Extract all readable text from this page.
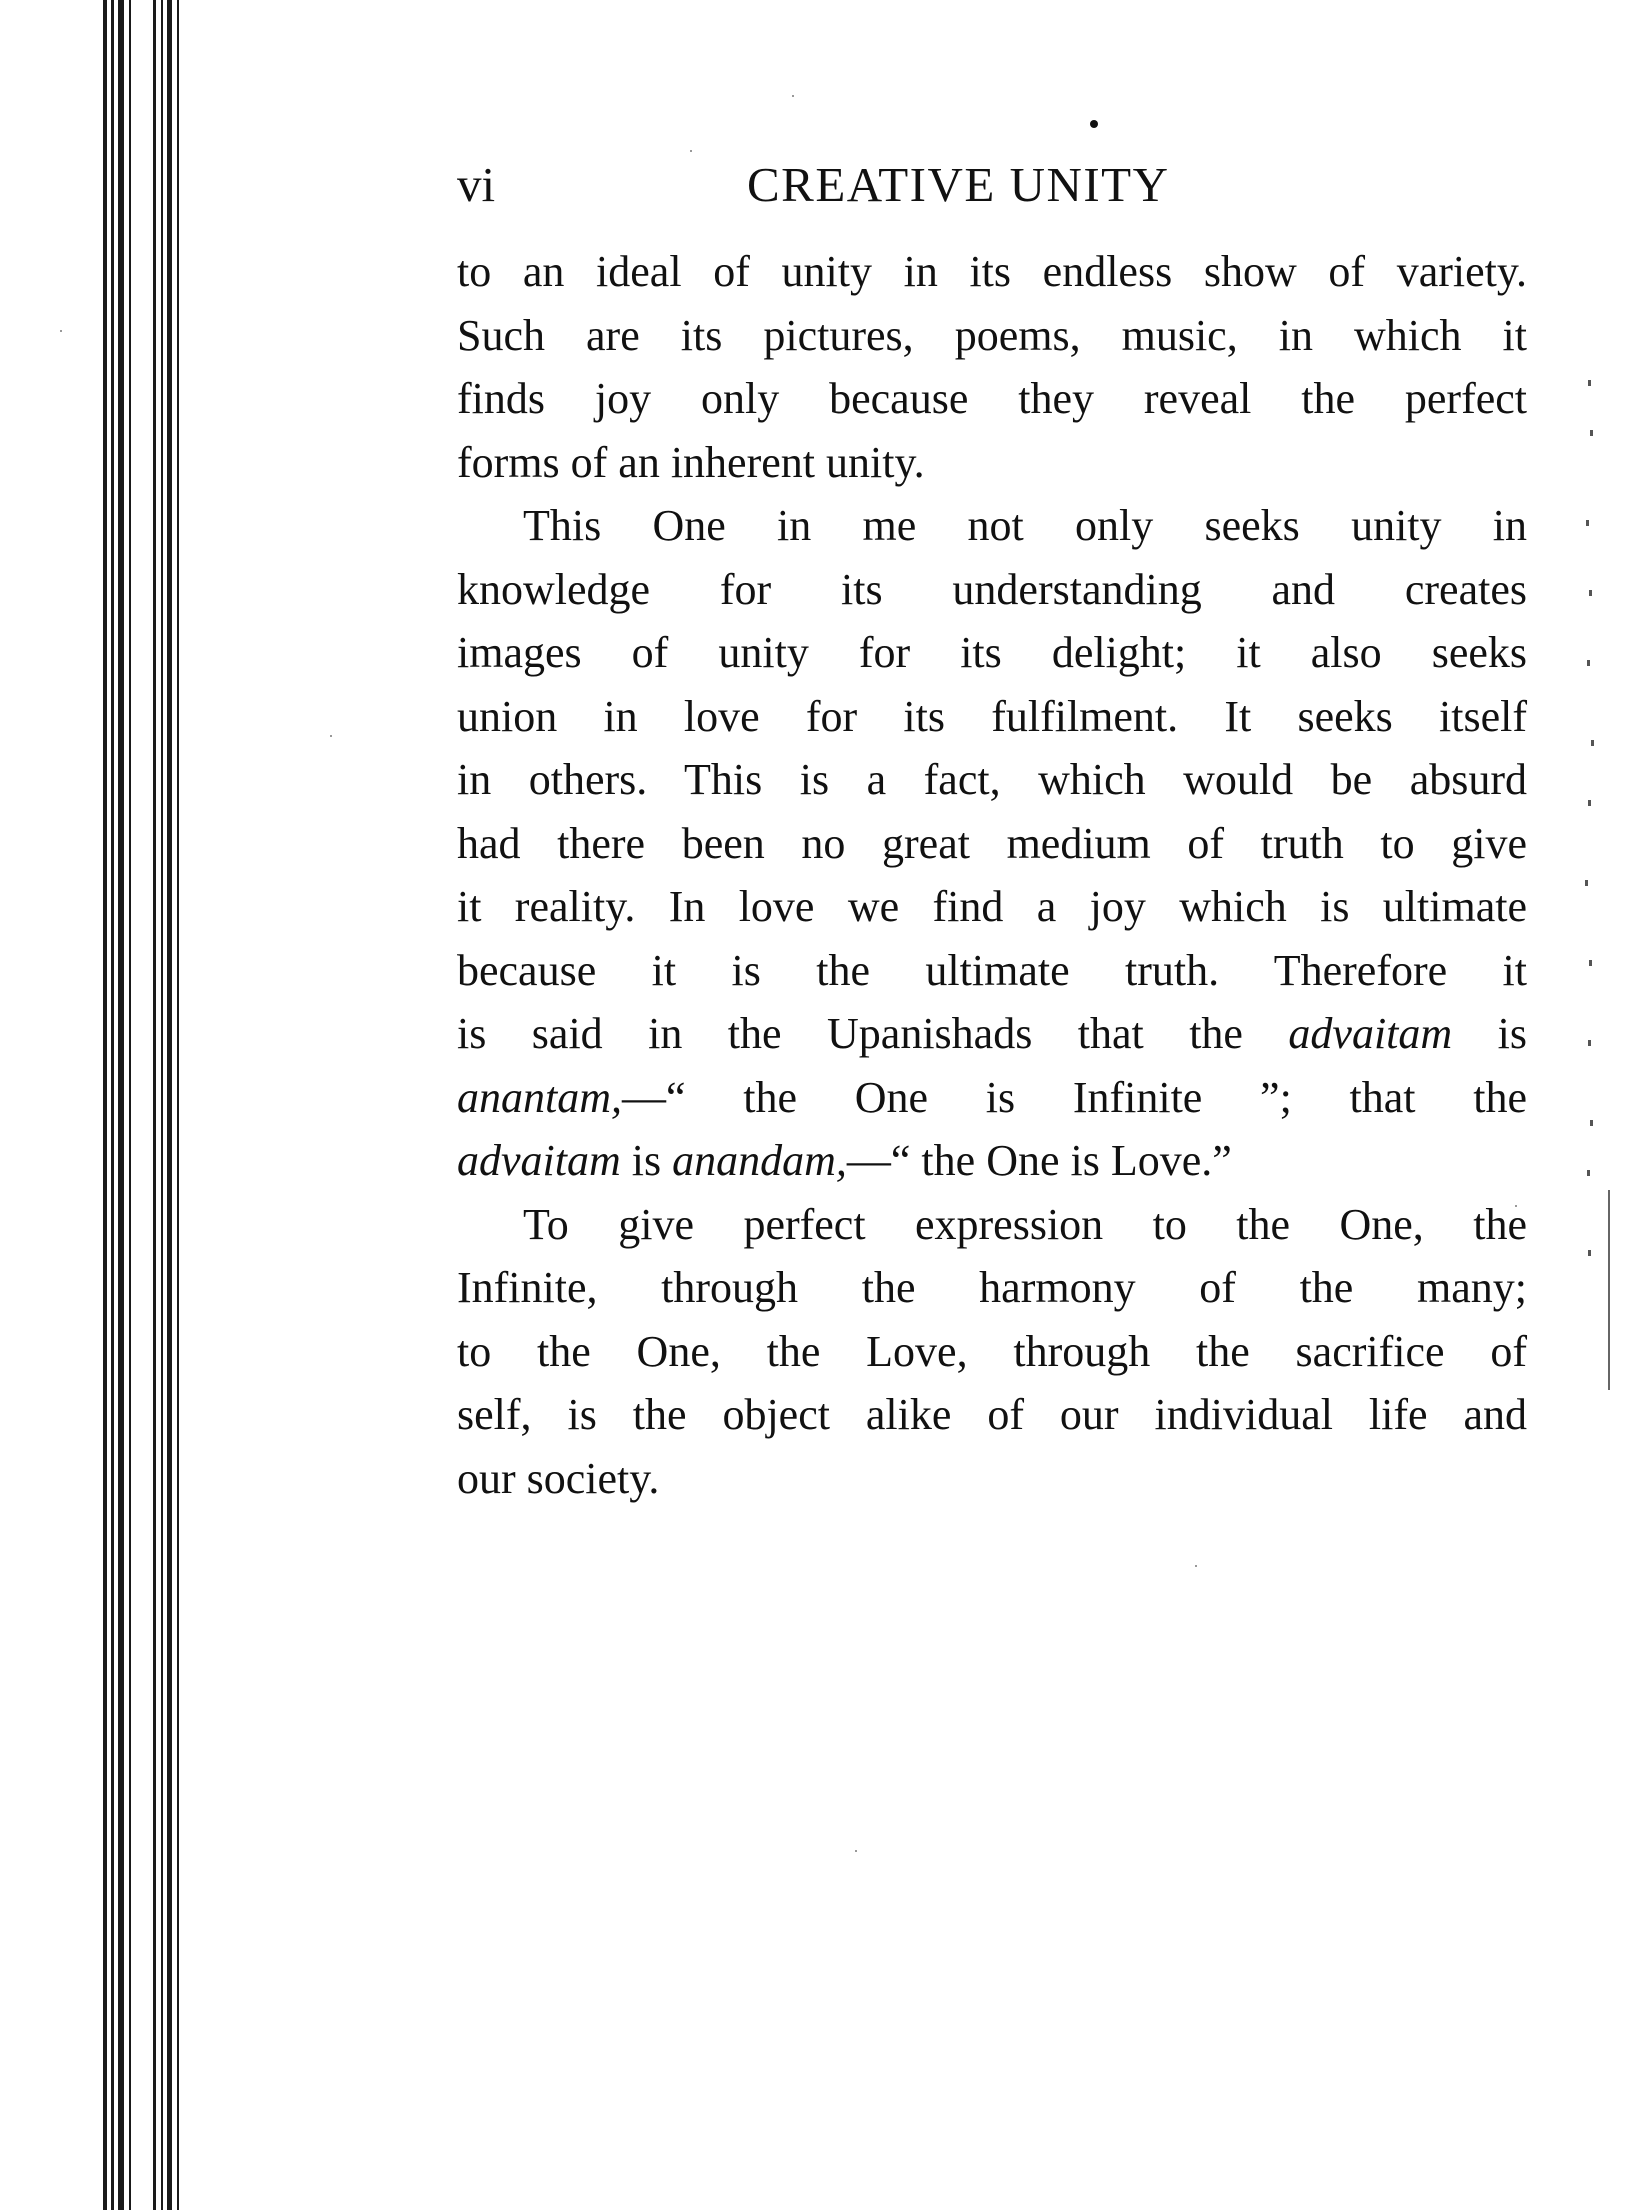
vi	CREATIVE UNITY
to an ideal of unity in its endless show of variety.
Such are its pictures, poems, music, in which it
finds joy only because they reveal the perfect
forms of an inherent unity.
This One in me not only seeks unity in
knowledge for its understanding and creates
images of unity for its delight; it also seeks
union in love for its fulfilment. It seeks itself
in others. This is a fact, which would be absurd
had there been no great medium of truth to give
it reality. In love we find a joy which is ultimate
because it is the ultimate truth. Therefore it
is said in the Upanishads that the advaitam is
anantam,—“ the One is Infinite ”; that the
advaitam is anandam,—“ the One is Love.”
To give perfect expression to the One, the
Infinite, through the harmony of the many;
to the One, the Love, through the sacrifice of
self, is the object alike of our individual life and
our society.
